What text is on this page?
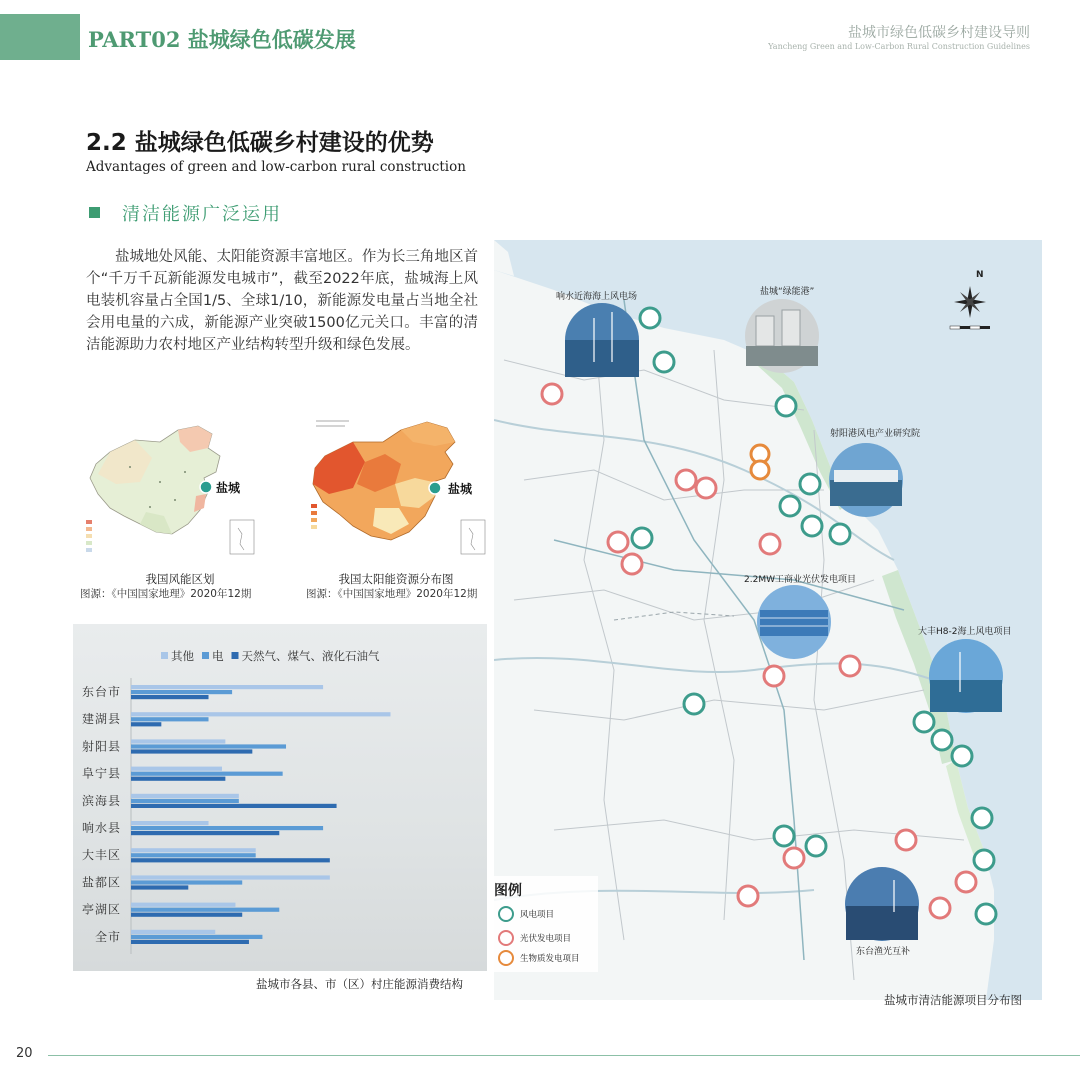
PART02 盐城绿色低碳发展	盐城市绿色低碳乡村建设导则
Yancheng Green and Low-Carbon Rural Construction Guidelines
2.2 盐城绿色低碳乡村建设的优势
Advantages of green and low-carbon rural construction
清洁能源广泛运用

盐城地处风能、太阳能资源丰富地区。作为长三角地区首个“千万千瓦新能源发电城市”，截至2022年底，盐城海上风电装机容量占全国1/5、全球1/10，新能源发电量占当地全社会用电量的六成，新能源产业突破1500亿元关口。丰富的清洁能源助力农村地区产业结构转型升级和绿色发展。

盐城
我国风能区划
图源：《中国国家地理》2020年12期
盐城
我国太阳能资源分布图
图源：《中国国家地理》2020年12期
其他 电 天然气、煤气、液化石油气
东台市
建湖县
射阳县
阜宁县
滨海县
响水县
大丰区
盐都区
亭湖区
全市
盐城市各县、市（区）村庄能源消费结构
N
响水近海海上风电场	盐城“绿能港”
射阳港风电产业研究院
2.2MW工商业光伏发电项目
大丰H8-2海上风电项目
东台渔光互补
图例
风电项目
光伏发电项目
生物质发电项目
盐城市清洁能源项目分布图
20
